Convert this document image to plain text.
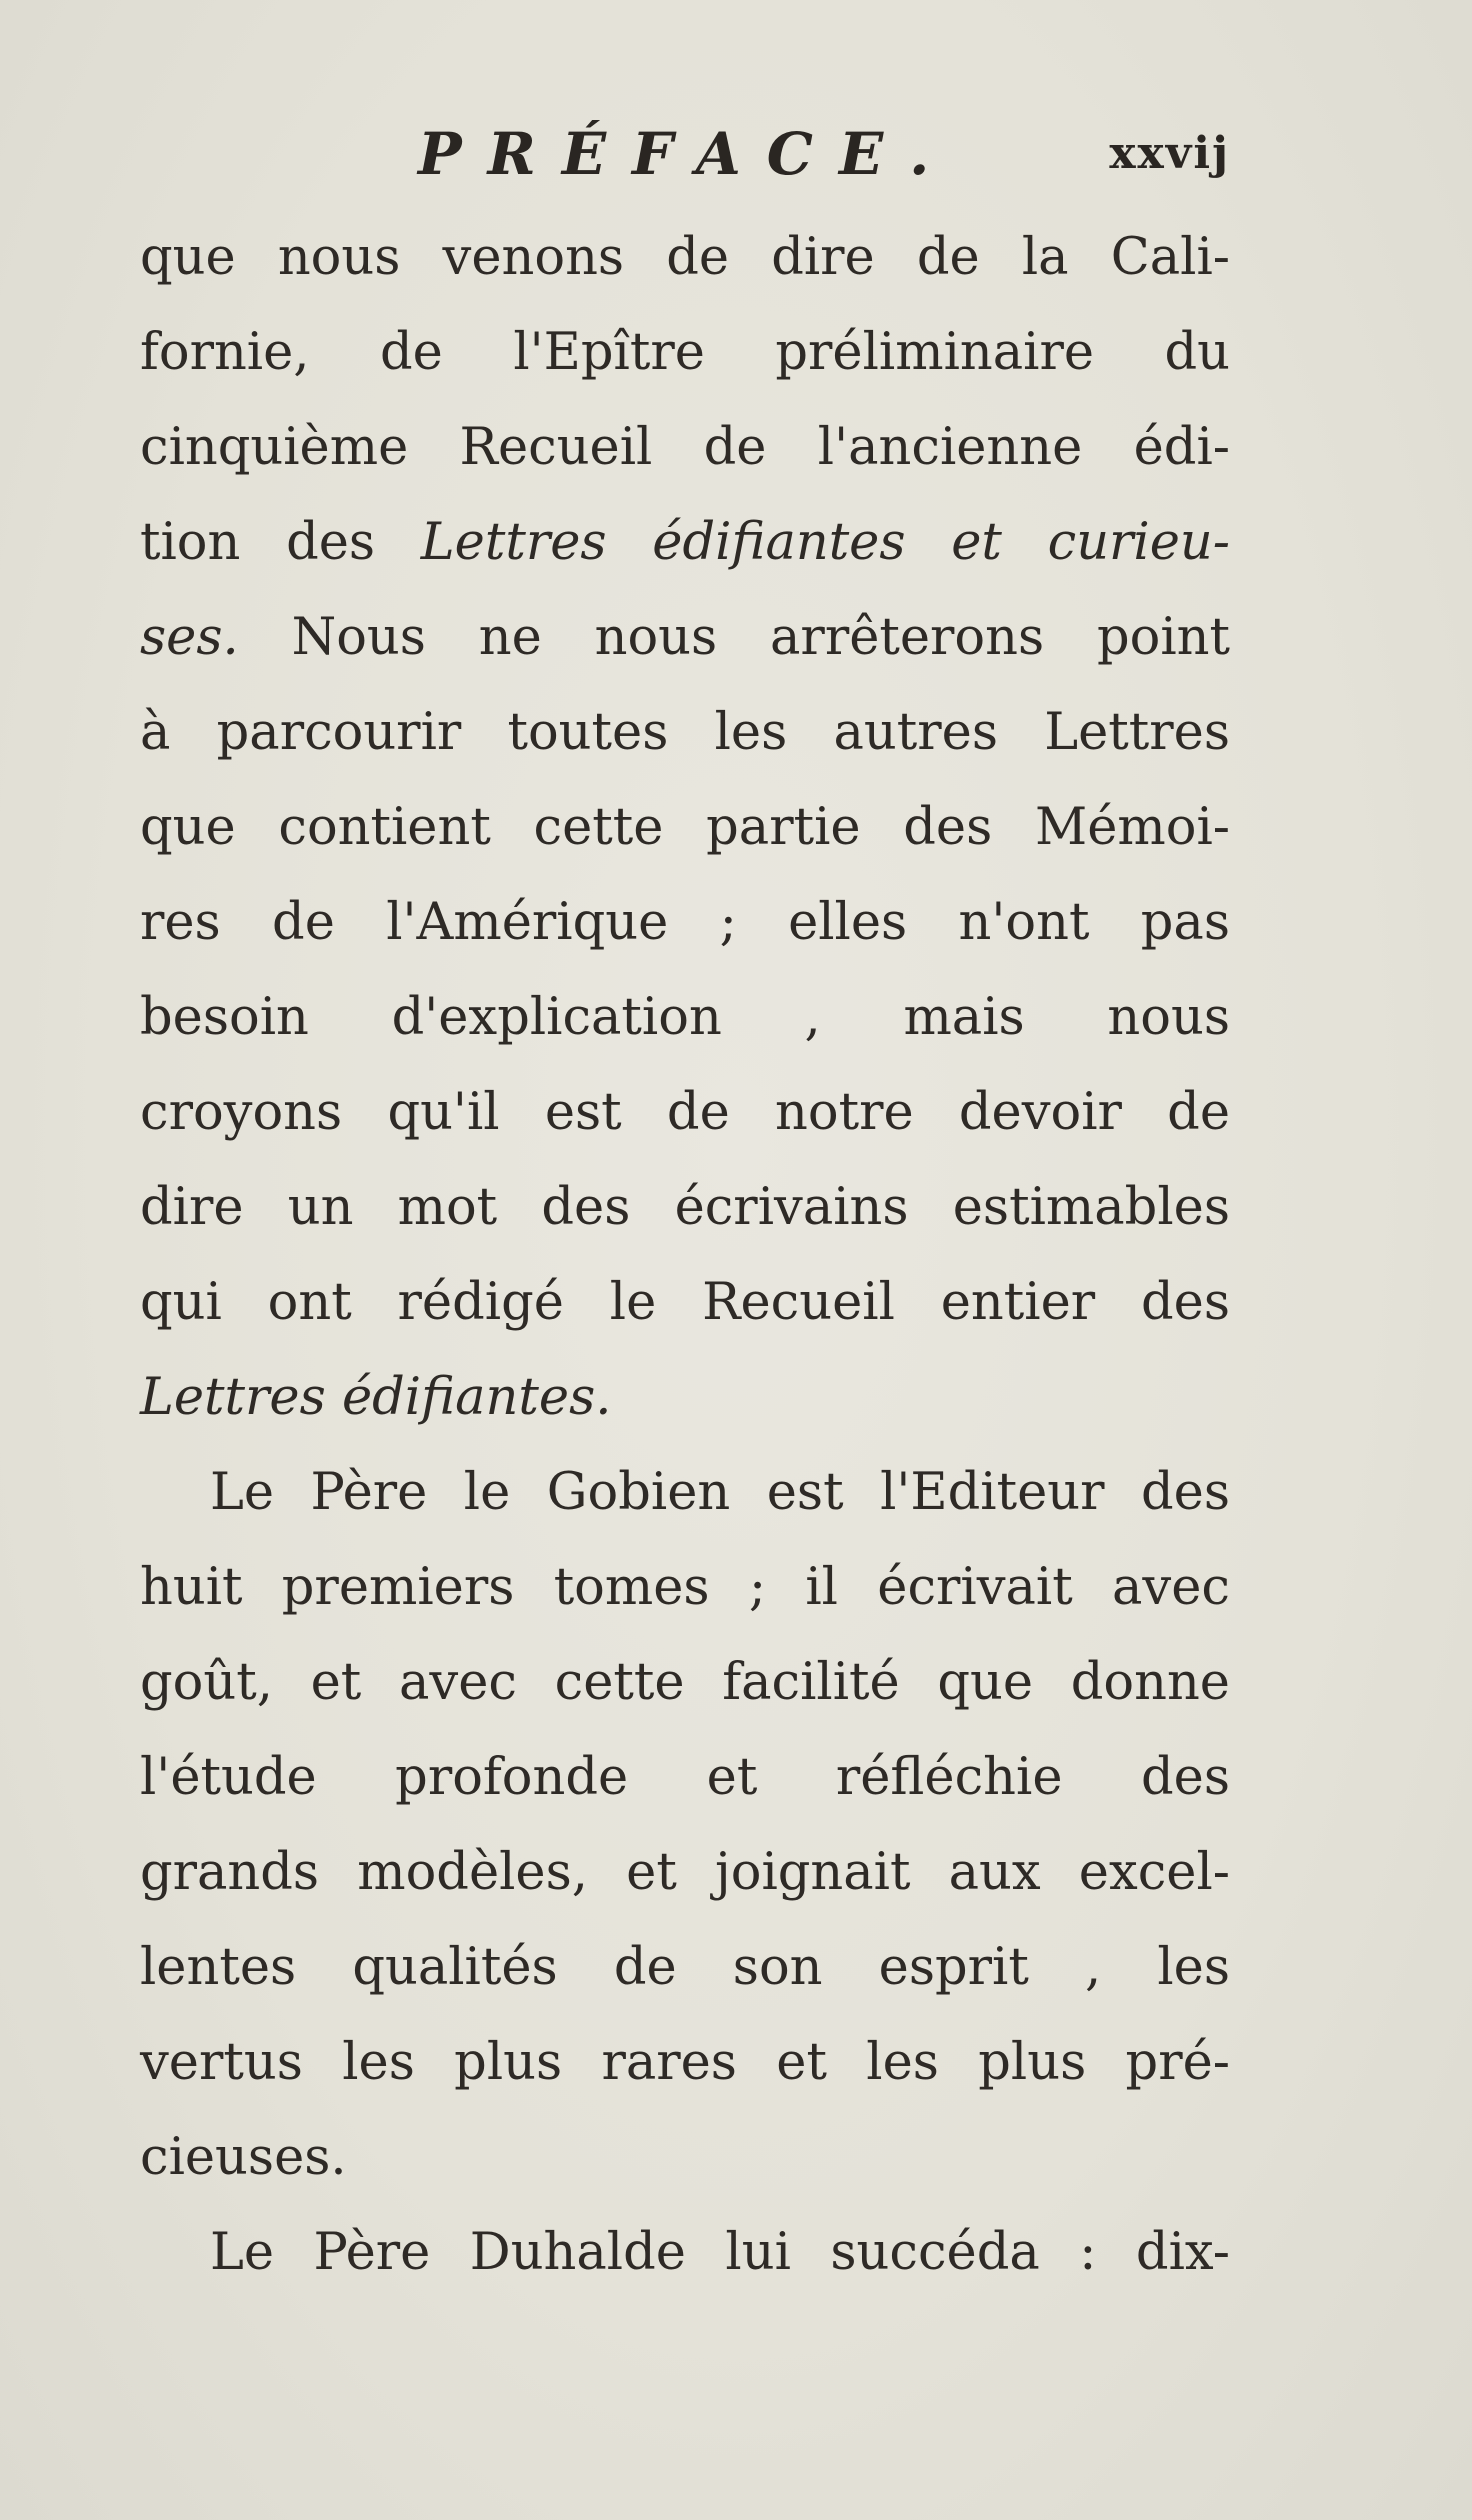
PRÉFACE.	xxvij
que nous venons de dire de la Cali-
fornie, de l'Epître préliminaire du
cinquième Recueil de l'ancienne édi-
tion des Lettres édifiantes et curieu-
ses. Nous ne nous arrêterons point
à parcourir toutes les autres Lettres
que contient cette partie des Mémoi-
res de l'Amérique ; elles n'ont pas
besoin d'explication , mais nous
croyons qu'il est de notre devoir de
dire un mot des écrivains estimables
qui ont rédigé le Recueil entier des
Lettres édifiantes.
Le Père le Gobien est l'Editeur des
huit premiers tomes ; il écrivait avec
goût, et avec cette facilité que donne
l'étude profonde et réfléchie des
grands modèles, et joignait aux excel-
lentes qualités de son esprit , les
vertus les plus rares et les plus pré-
cieuses.
Le Père Duhalde lui succéda : dix-
